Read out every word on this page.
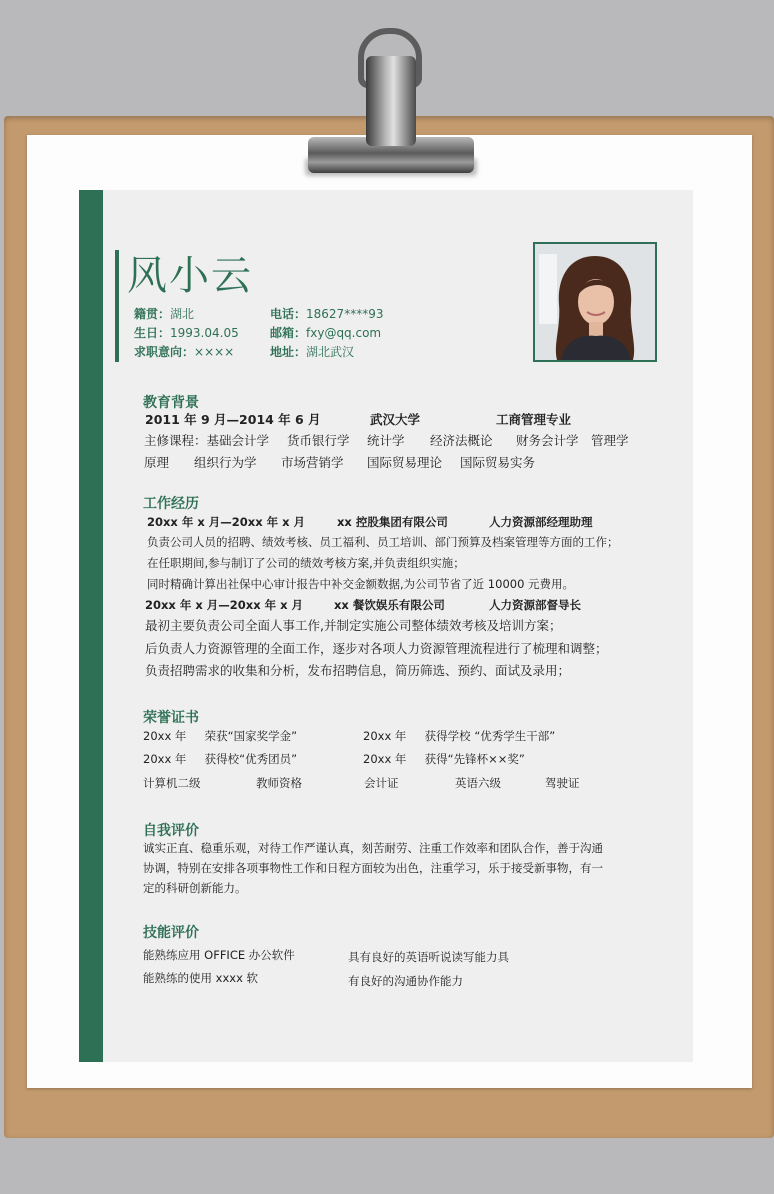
风小云
籍贯：湖北
生日：1993.04.05
求职意向：××××
电话：18627****93
邮箱：fxy@qq.com
地址：湖北武汉
教育背景
2011 年 9 月—2014 年 6 月	武汉大学	工商管理专业
主修课程：基础会计学 货币银行学 统计学 经济法概论 财务会计学 管理学
原理 组织行为学 市场营销学 国际贸易理论 国际贸易实务
工作经历
20xx 年 x 月—20xx 年 x 月	xx 控股集团有限公司	人力资源部经理助理
负责公司人员的招聘、绩效考核、员工福利、员工培训、部门预算及档案管理等方面的工作；
在任职期间,参与制订了公司的绩效考核方案,并负责组织实施；
同时精确计算出社保中心审计报告中补交金额数据,为公司节省了近 10000 元费用。
20xx 年 x 月—20xx 年 x 月	xx 餐饮娱乐有限公司	人力资源部督导长
最初主要负责公司全面人事工作,并制定实施公司整体绩效考核及培训方案；
后负责人力资源管理的全面工作，逐步对各项人力资源管理流程进行了梳理和调整；
负责招聘需求的收集和分析，发布招聘信息，简历筛选、预约、面试及录用；
荣誉证书
20xx 年     荣获“国家奖学金”	20xx 年     获得学校 “优秀学生干部”
20xx 年     获得校“优秀团员”	20xx 年     获得“先锋杯××奖”
计算机二级	教师资格	会计证	英语六级	驾驶证
自我评价
诚实正直、稳重乐观，对待工作严谨认真，刻苦耐劳、注重工作效率和团队合作，善于沟通
协调，特别在安排各项事物性工作和日程方面较为出色，注重学习，乐于接受新事物，有一
定的科研创新能力。
技能评价
能熟练应用 OFFICE 办公软件	具有良好的英语听说读写能力具
能熟练的使用 xxxx 软	有良好的沟通协作能力
